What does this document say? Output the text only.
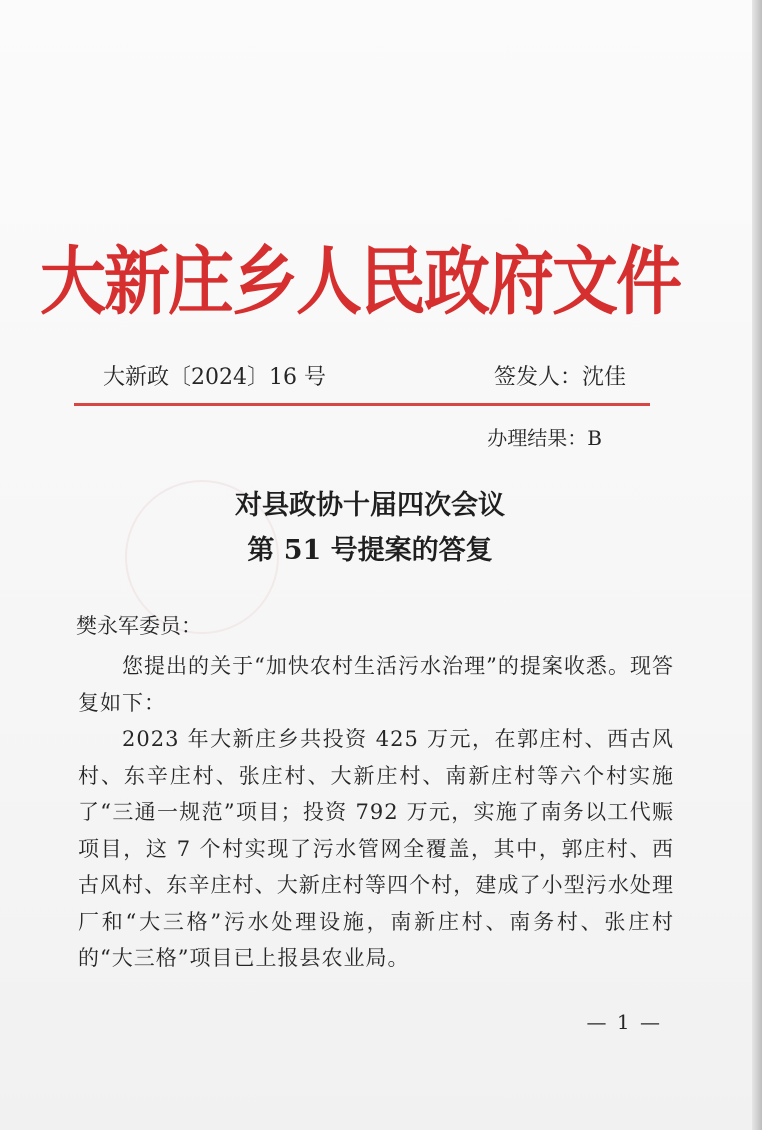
大新庄乡人民政府文件
大新政〔2024〕16 号	签发人：沈佳
办理结果：B
对县政协十届四次会议
第 51 号提案的答复
樊永军委员：

您提出的关于“加快农村生活污水治理”的提案收悉。现答复如下：

2023 年大新庄乡共投资 425 万元，在郭庄村、西古风村、东辛庄村、张庄村、大新庄村、南新庄村等六个村实施了“三通一规范”项目；投资 792 万元，实施了南务以工代赈项目，这 7 个村实现了污水管网全覆盖，其中，郭庄村、西古风村、东辛庄村、大新庄村等四个村，建成了小型污水处理厂和“大三格”污水处理设施，南新庄村、南务村、张庄村的“大三格”项目已上报县农业局。

— 1 —
